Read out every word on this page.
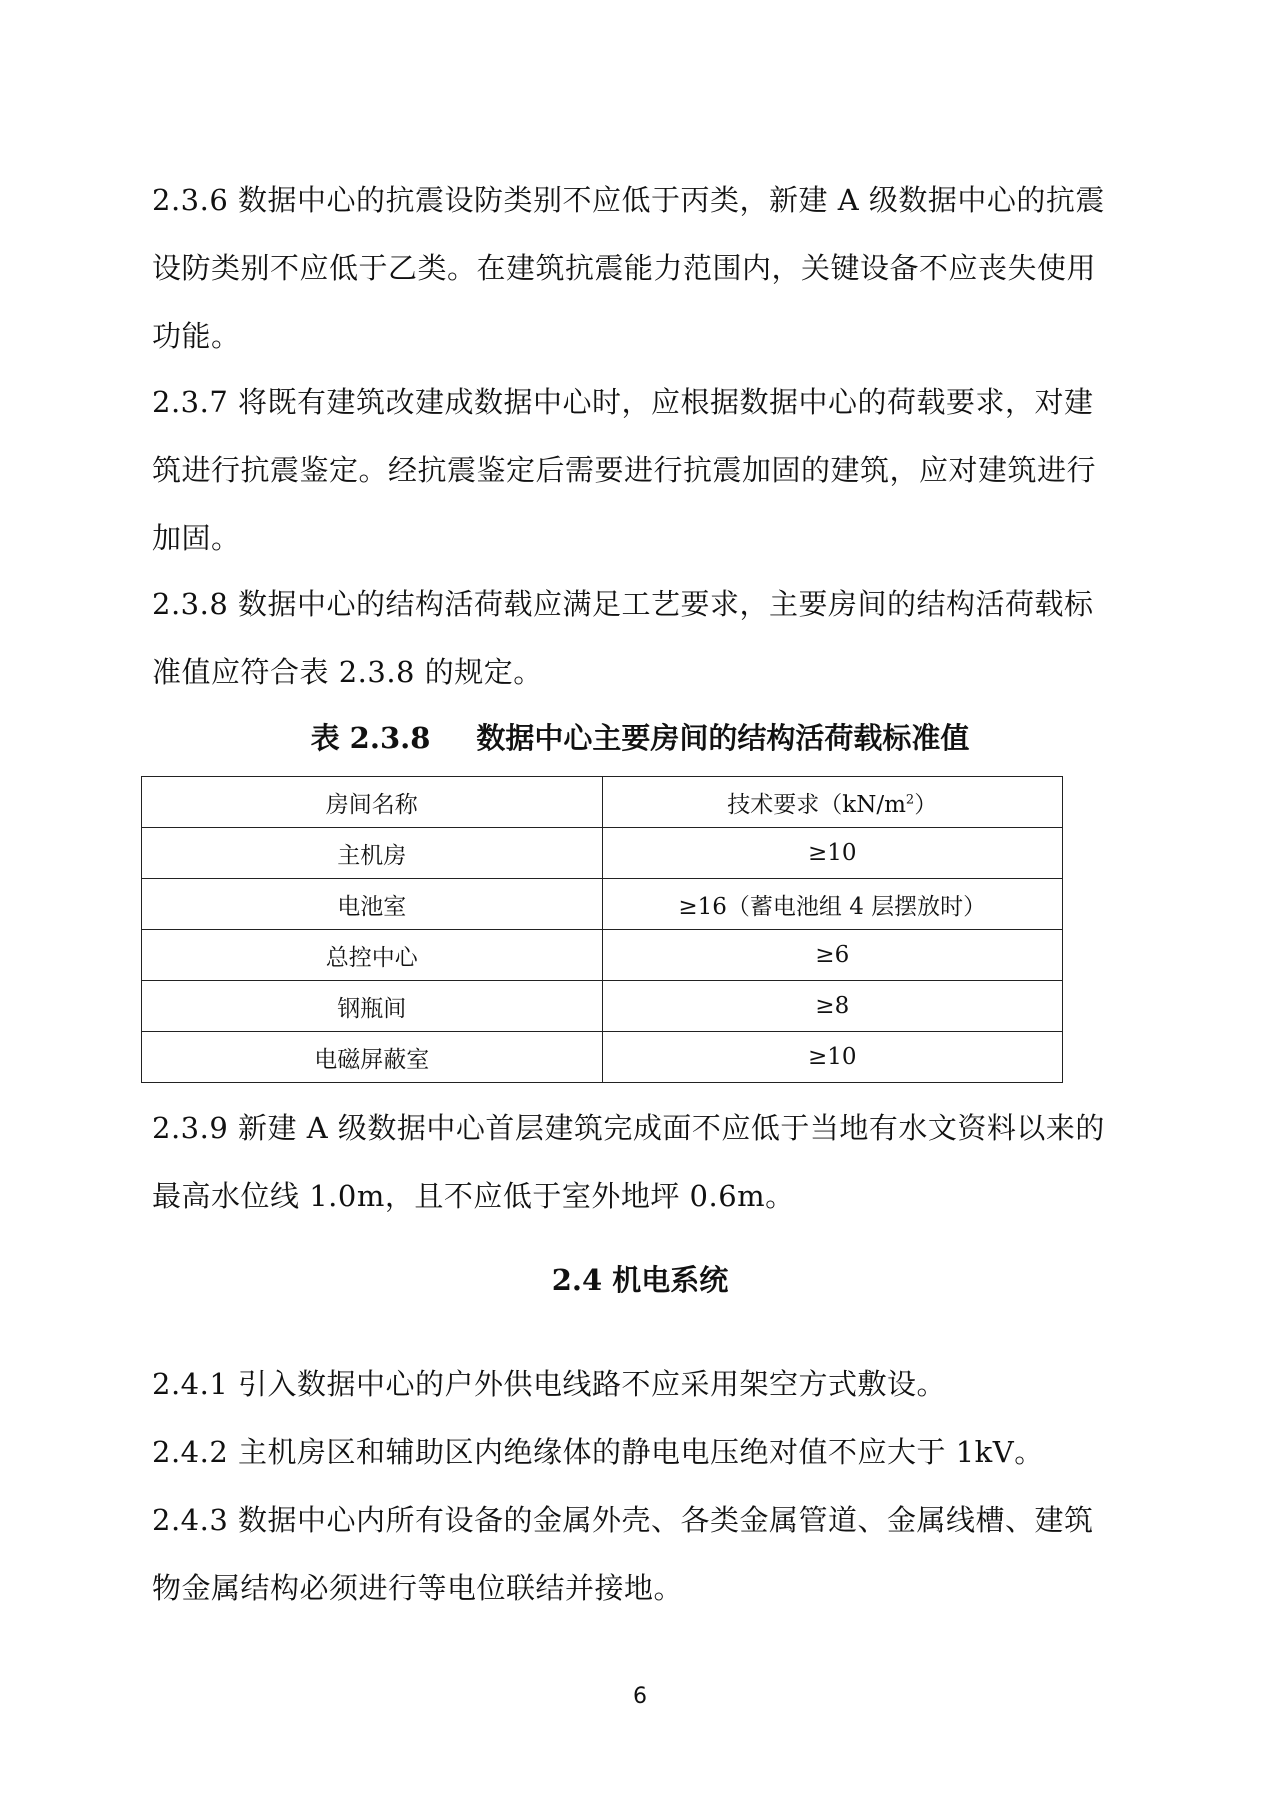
2.3.6 数据中心的抗震设防类别不应低于丙类，新建 A 级数据中心的抗震
设防类别不应低于乙类。在建筑抗震能力范围内，关键设备不应丧失使用
功能。
2.3.7 将既有建筑改建成数据中心时，应根据数据中心的荷载要求，对建
筑进行抗震鉴定。经抗震鉴定后需要进行抗震加固的建筑，应对建筑进行
加固。
2.3.8 数据中心的结构活荷载应满足工艺要求，主要房间的结构活荷载标
准值应符合表 2.3.8 的规定。
表 2.3.8 数据中心主要房间的结构活荷载标准值
房间名称	技术要求$(kN/m^2)$
主机房	≥10
电池室	≥16（蓄电池组 4 层摆放时）
总控中心	≥6
钢瓶间	≥8
电磁屏蔽室	≥10
2.3.9 新建 A 级数据中心首层建筑完成面不应低于当地有水文资料以来的
最高水位线 1.0m，且不应低于室外地坪 0.6m。
2.4 机电系统
2.4.1 引入数据中心的户外供电线路不应采用架空方式敷设。
2.4.2 主机房区和辅助区内绝缘体的静电电压绝对值不应大于 1kV。
2.4.3 数据中心内所有设备的金属外壳、各类金属管道、金属线槽、建筑
物金属结构必须进行等电位联结并接地。
6
